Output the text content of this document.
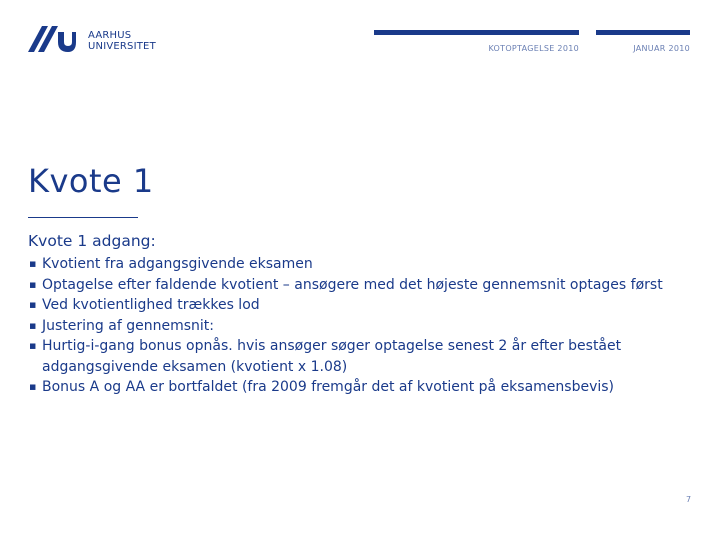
AARHUS
UNIVERSITET	KOTOPTAGELSE 2010	JANUAR 2010
Kvote 1
Kvote 1 adgang:
▪ Kvotient fra adgangsgivende eksamen
▪ Optagelse efter faldende kvotient – ansøgere med det højeste gennemsnit optages først
▪ Ved kvotientlighed trækkes lod
▪ Justering af gennemsnit:
▪ Hurtig-i-gang bonus opnås. hvis ansøger søger optagelse senest 2 år efter bestået adgangsgivende eksamen (kvotient x 1.08)
▪ Bonus A og AA er bortfaldet (fra 2009 fremgår det af kvotient på eksamensbevis)
7
